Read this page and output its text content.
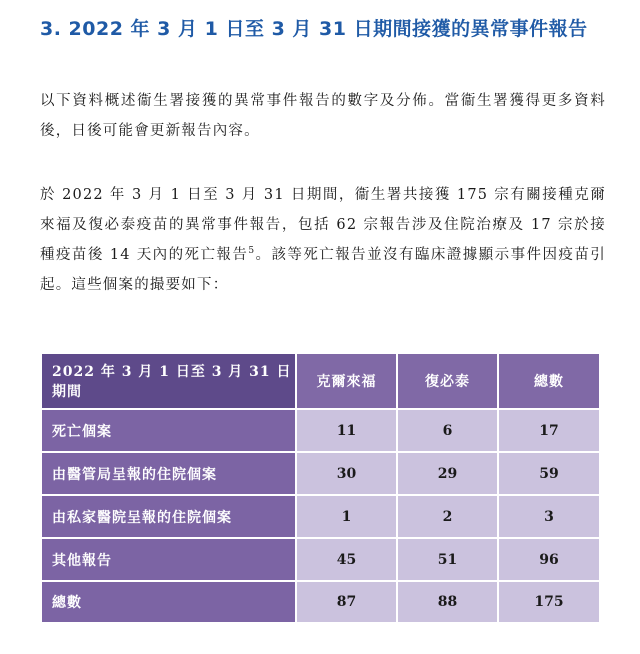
3. 2022 年 3 月 1 日至 3 月 31 日期間接獲的異常事件報告

以下資料概述衞生署接獲的異常事件報告的數字及分佈。當衞生署獲得更多資料後，日後可能會更新報告內容。

於 2022 年 3 月 1 日至 3 月 31 日期間，衞生署共接獲 175 宗有關接種克爾來福及復必泰疫苗的異常事件報告，包括 62 宗報告涉及住院治療及 17 宗於接種疫苗後 14 天內的死亡報告$^5$。該等死亡報告並沒有臨床證據顯示事件因疫苗引起。這些個案的撮要如下：

2022 年 3 月 1 日至 3 月 31 日期間	克爾來福	復必泰	總數
死亡個案	11	6	17
由醫管局呈報的住院個案	30	29	59
由私家醫院呈報的住院個案	1	2	3
其他報告	45	51	96
總數	87	88	175
